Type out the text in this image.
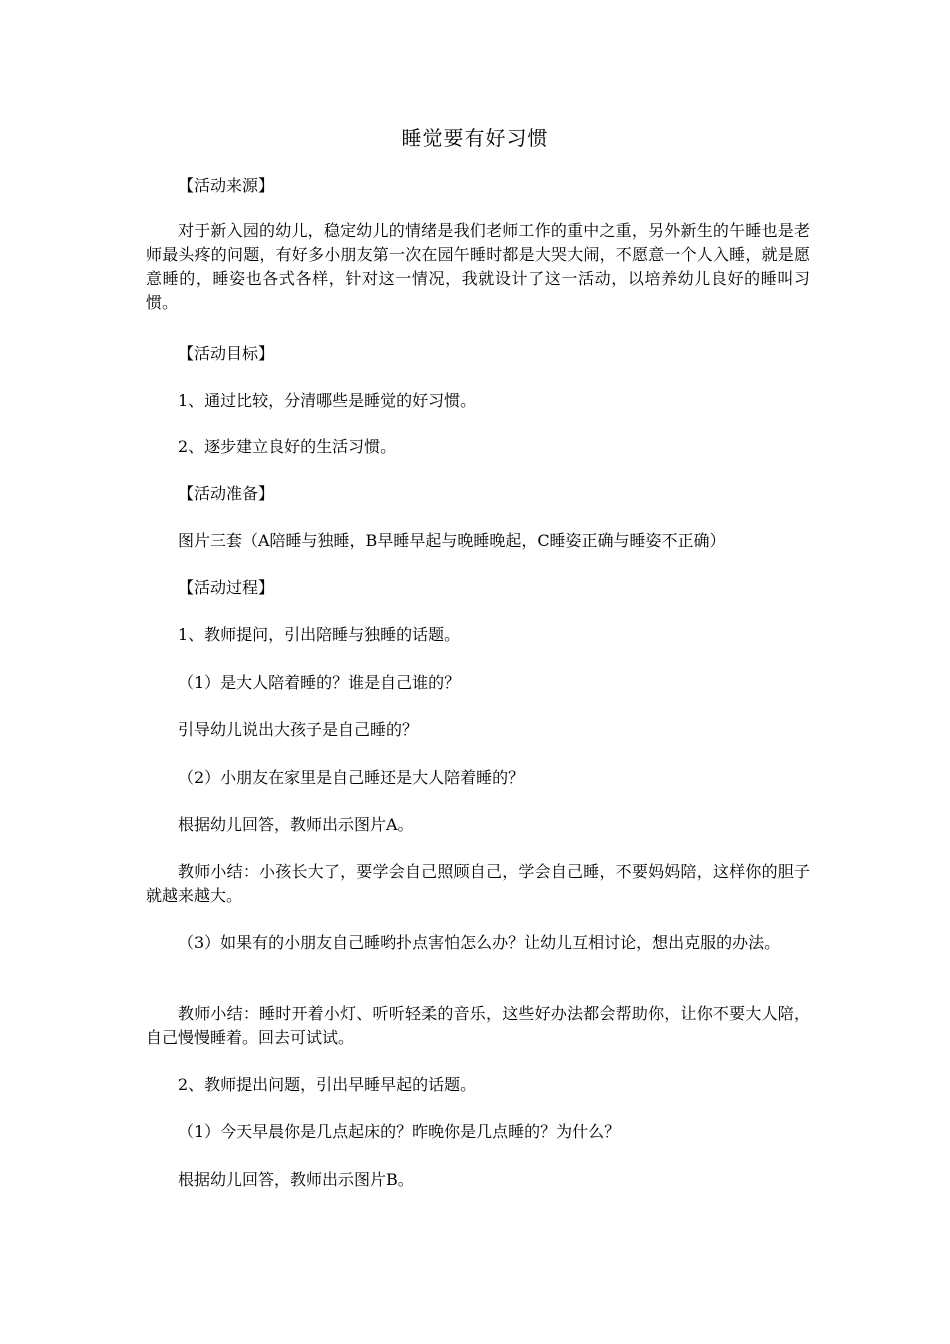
睡觉要有好习惯

【活动来源】

对于新入园的幼儿，稳定幼儿的情绪是我们老师工作的重中之重，另外新生的午睡也是老师最头疼的问题，有好多小朋友第一次在园午睡时都是大哭大闹，不愿意一个人入睡，就是愿意睡的，睡姿也各式各样，针对这一情况，我就设计了这一活动，以培养幼儿良好的睡叫习惯。

【活动目标】

1、通过比较，分清哪些是睡觉的好习惯。

2、逐步建立良好的生活习惯。

【活动准备】

图片三套（A陪睡与独睡，B早睡早起与晚睡晚起，C睡姿正确与睡姿不正确）

【活动过程】

1、教师提问，引出陪睡与独睡的话题。

（1）是大人陪着睡的？谁是自己谁的？

引导幼儿说出大孩子是自己睡的？

（2）小朋友在家里是自己睡还是大人陪着睡的？

根据幼儿回答，教师出示图片A。

教师小结：小孩长大了，要学会自己照顾自己，学会自己睡，不要妈妈陪，这样你的胆子就越来越大。

（3）如果有的小朋友自己睡哟扑点害怕怎么办？让幼儿互相讨论，想出克服的办法。

教师小结：睡时开着小灯、听听轻柔的音乐，这些好办法都会帮助你，让你不要大人陪，自己慢慢睡着。回去可试试。

2、教师提出问题，引出早睡早起的话题。

（1）今天早晨你是几点起床的？昨晚你是几点睡的？为什么？

根据幼儿回答，教师出示图片B。
